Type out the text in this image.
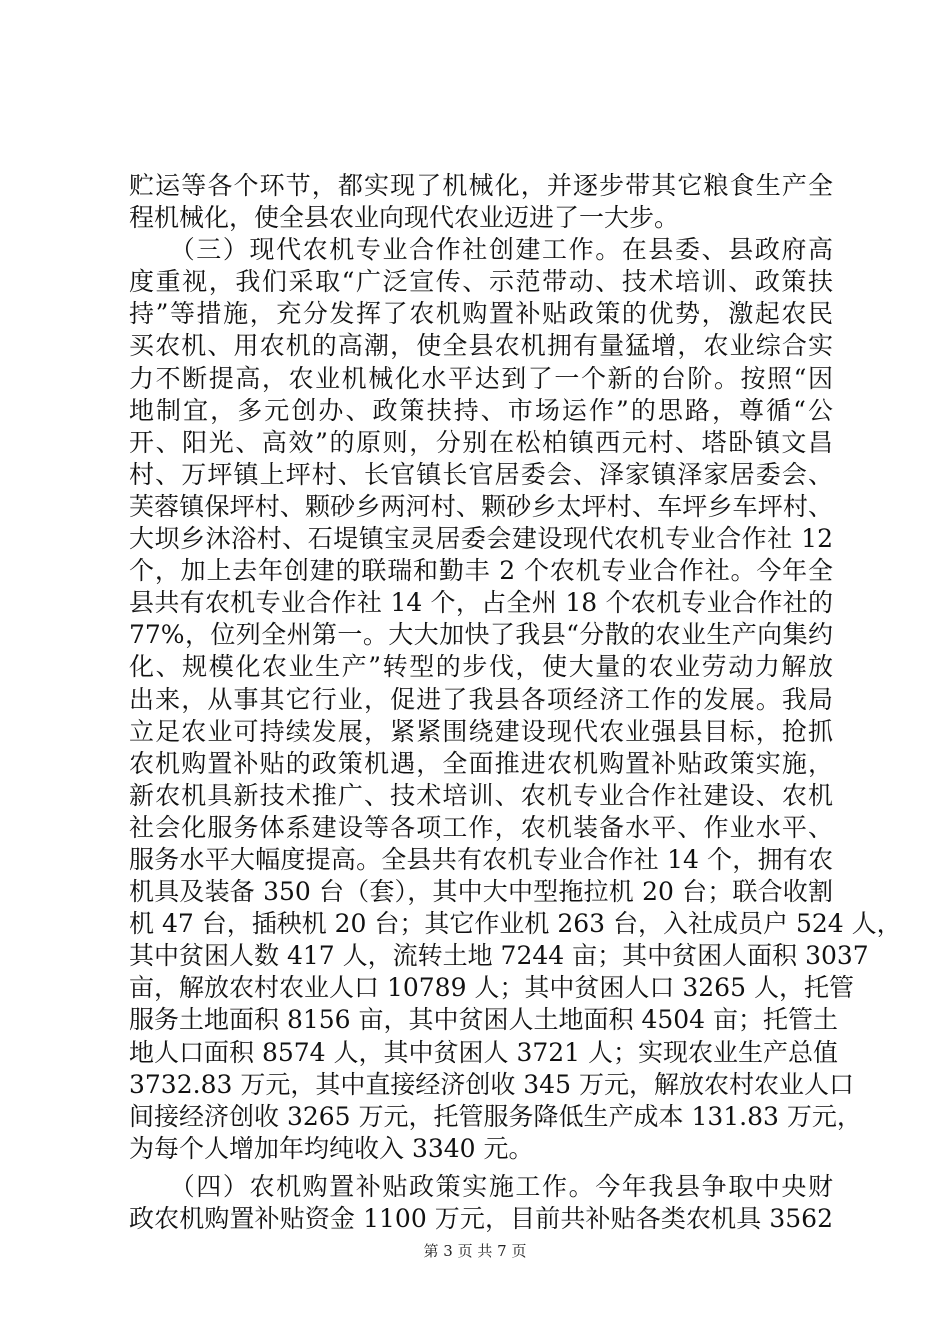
贮运等各个环节，都实现了机械化，并逐步带其它粮食生产全
程机械化，使全县农业向现代农业迈进了一大步。
　　（三）现代农机专业合作社创建工作。在县委、县政府高
度重视，我们采取“广泛宣传、示范带动、技术培训、政策扶
持”等措施，充分发挥了农机购置补贴政策的优势，激起农民
买农机、用农机的高潮，使全县农机拥有量猛增，农业综合实
力不断提高，农业机械化水平达到了一个新的台阶。按照“因
地制宜，多元创办、政策扶持、市场运作”的思路，尊循“公
开、阳光、高效”的原则，分别在松柏镇西元村、塔卧镇文昌
村、万坪镇上坪村、长官镇长官居委会、泽家镇泽家居委会、
芙蓉镇保坪村、颗砂乡两河村、颗砂乡太坪村、车坪乡车坪村、
大坝乡沐浴村、石堤镇宝灵居委会建设现代农机专业合作社 12
个，加上去年创建的联瑞和勤丰 2 个农机专业合作社。今年全
县共有农机专业合作社 14 个，占全州 18 个农机专业合作社的
77%，位列全州第一。大大加快了我县“分散的农业生产向集约
化、规模化农业生产”转型的步伐，使大量的农业劳动力解放
出来，从事其它行业，促进了我县各项经济工作的发展。我局
立足农业可持续发展，紧紧围绕建设现代农业强县目标，抢抓
农机购置补贴的政策机遇，全面推进农机购置补贴政策实施，
新农机具新技术推广、技术培训、农机专业合作社建设、农机
社会化服务体系建设等各项工作，农机装备水平、作业水平、
服务水平大幅度提高。全县共有农机专业合作社 14 个，拥有农
机具及装备 350 台（套），其中大中型拖拉机 20 台；联合收割
机 47 台，插秧机 20 台；其它作业机 263 台，入社成员户 524 人，
其中贫困人数 417 人，流转土地 7244 亩；其中贫困人面积 3037
亩，解放农村农业人口 10789 人；其中贫困人口 3265 人，托管
服务土地面积 8156 亩，其中贫困人土地面积 4504 亩；托管土
地人口面积 8574 人，其中贫困人 3721 人；实现农业生产总值
3732.83 万元，其中直接经济创收 345 万元，解放农村农业人口
间接经济创收 3265 万元，托管服务降低生产成本 131.83 万元，
为每个人增加年均纯收入 3340 元。
　　（四）农机购置补贴政策实施工作。今年我县争取中央财
政农机购置补贴资金 1100 万元，目前共补贴各类农机具 3562
第 3 页 共 7 页
